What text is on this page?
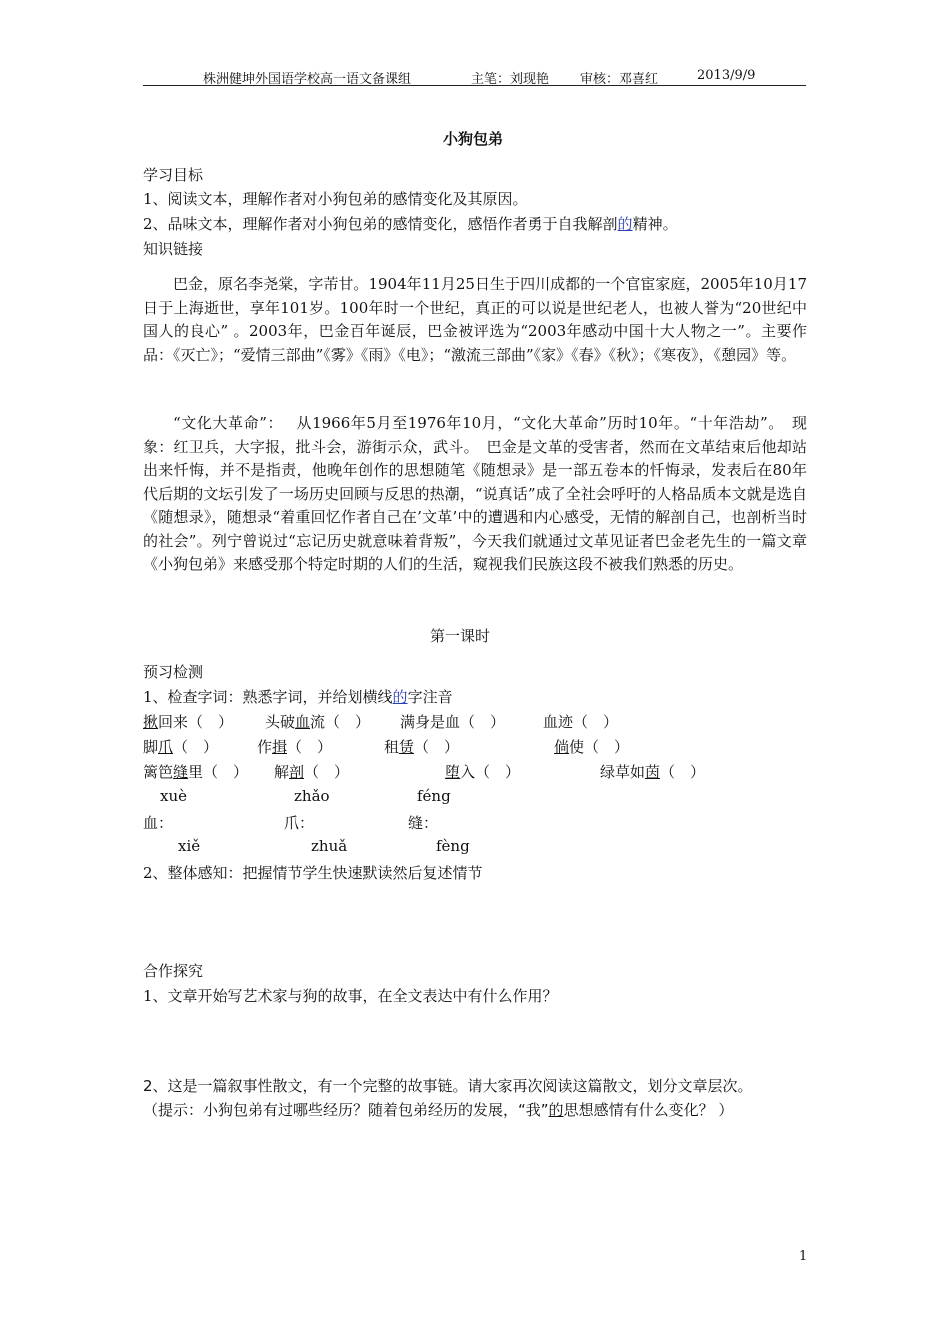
株洲健坤外国语学校高一语文备课组	主笔：刘现艳 审核：邓喜红	2013/9/9
小狗包弟
学习目标
1、阅读文本，理解作者对小狗包弟的感情变化及其原因。
2、品味文本，理解作者对小狗包弟的感情变化，感悟作者勇于自我解剖的精神。
知识链接

巴金，原名李尧棠，字芾甘。1904年11月25日生于四川成都的一个官宦家庭，2005年10月17日于上海逝世，享年101岁。100年时一个世纪，真正的可以说是世纪老人，也被人誉为“20世纪中国人的良心” 。2003年，巴金百年诞辰，巴金被评选为“2003年感动中国十大人物之一”。主要作品：《灭亡》；“爱情三部曲”《雾》《雨》《电》；“激流三部曲”《家》《春》《秋》；《寒夜》，《憩园》等。

“文化大革命”：　 从1966年5月至1976年10月，“文化大革命”历时10年。“十年浩劫”。　现象：红卫兵，大字报，批斗会，游街示众，武斗。　巴金是文革的受害者，然而在文革结束后他却站出来忏悔，并不是指责，他晚年创作的思想随笔《随想录》是一部五卷本的忏悔录，发表后在80年代后期的文坛引发了一场历史回顾与反思的热潮，“说真话”成了全社会呼吁的人格品质本文就是选自《随想录》，随想录“着重回忆作者自己在’文革’中的遭遇和内心感受，无情的解剖自己，也剖析当时的社会”。列宁曾说过“忘记历史就意味着背叛”，今天我们就通过文革见证者巴金老先生的一篇文章《小狗包弟》来感受那个特定时期的人们的生活，窥视我们民族这段不被我们熟悉的历史。

第一课时
预习检测
1、检查字词：熟悉字词，并给划横线的字注音
揪回来（　） 头破血流（　） 满身是血（　）	血迹（　）
脚爪（　）	作揖（　）	租赁（　）	倘使（　）
篱笆缝里（　） 解剖（　）	堕入（　）	绿草如茵（　）
xuè	zhǎo	féng
血：	爪：	缝：
xiě	zhuǎ	fèng
2、整体感知：把握情节学生快速默读然后复述情节
合作探究
1、文章开始写艺术家与狗的故事，在全文表达中有什么作用？
2、这是一篇叙事性散文，有一个完整的故事链。请大家再次阅读这篇散文，划分文章层次。
（提示：小狗包弟有过哪些经历？随着包弟经历的发展，“我”的思想感情有什么变化？ ）
1
